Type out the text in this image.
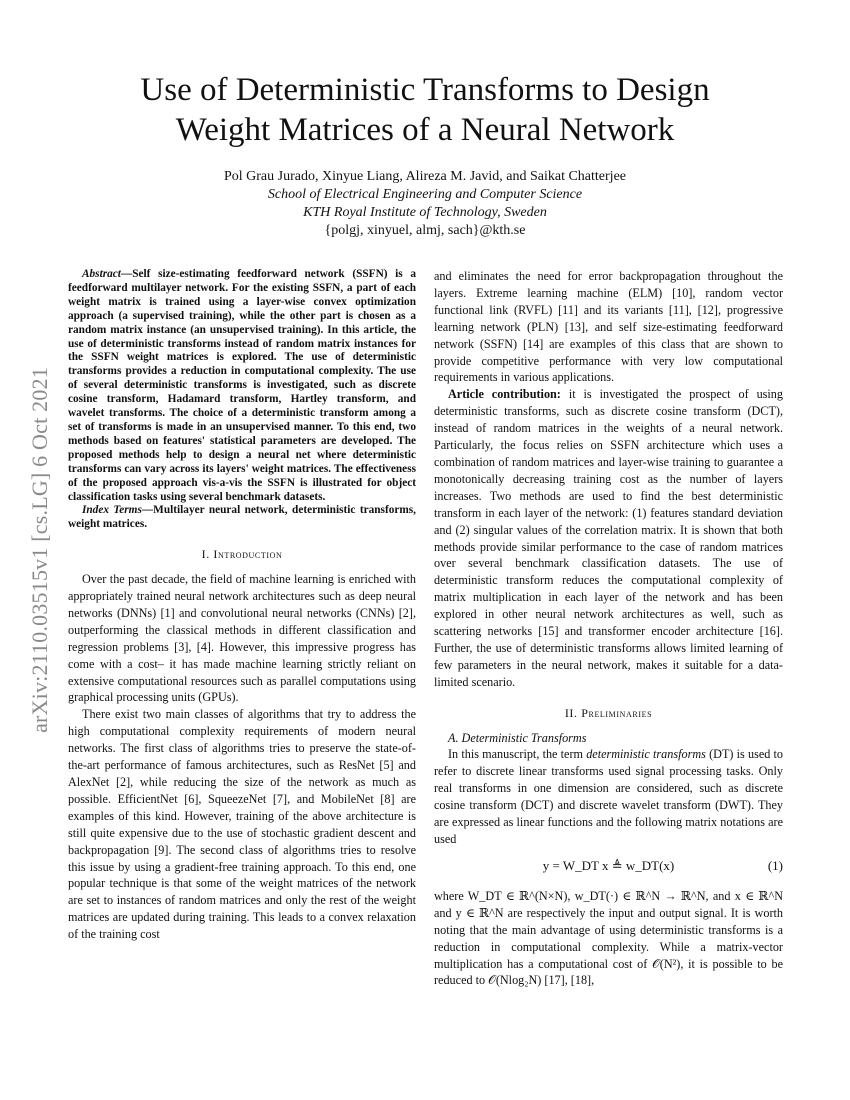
arXiv:2110.03515v1 [cs.LG] 6 Oct 2021
Use of Deterministic Transforms to Design
Weight Matrices of a Neural Network
Pol Grau Jurado, Xinyue Liang, Alireza M. Javid, and Saikat Chatterjee
School of Electrical Engineering and Computer Science
KTH Royal Institute of Technology, Sweden
{polgj, xinyuel, almj, sach}@kth.se

Abstract—Self size-estimating feedforward network (SSFN) is a feedforward multilayer network. For the existing SSFN, a part of each weight matrix is trained using a layer-wise convex optimization approach (a supervised training), while the other part is chosen as a random matrix instance (an unsupervised training). In this article, the use of deterministic transforms instead of random matrix instances for the SSFN weight matrices is explored. The use of deterministic transforms provides a reduction in computational complexity. The use of several deterministic transforms is investigated, such as discrete cosine transform, Hadamard transform, Hartley transform, and wavelet transforms. The choice of a deterministic transform among a set of transforms is made in an unsupervised manner. To this end, two methods based on features' statistical parameters are developed. The proposed methods help to design a neural net where deterministic transforms can vary across its layers' weight matrices. The effectiveness of the proposed approach vis-a-vis the SSFN is illustrated for object classification tasks using several benchmark datasets.

Index Terms—Multilayer neural network, deterministic transforms, weight matrices.

I. Introduction

Over the past decade, the field of machine learning is enriched with appropriately trained neural network architectures such as deep neural networks (DNNs) [1] and convolutional neural networks (CNNs) [2], outperforming the classical methods in different classification and regression problems [3], [4]. However, this impressive progress has come with a cost– it has made machine learning strictly reliant on extensive computational resources such as parallel computations using graphical processing units (GPUs).

There exist two main classes of algorithms that try to address the high computational complexity requirements of modern neural networks. The first class of algorithms tries to preserve the state-of-the-art performance of famous architectures, such as ResNet [5] and AlexNet [2], while reducing the size of the network as much as possible. EfficientNet [6], SqueezeNet [7], and MobileNet [8] are examples of this kind. However, training of the above architecture is still quite expensive due to the use of stochastic gradient descent and backpropagation [9]. The second class of algorithms tries to resolve this issue by using a gradient-free training approach. To this end, one popular technique is that some of the weight matrices of the network are set to instances of random matrices and only the rest of the weight matrices are updated during training. This leads to a convex relaxation of the training cost

and eliminates the need for error backpropagation throughout the layers. Extreme learning machine (ELM) [10], random vector functional link (RVFL) [11] and its variants [11], [12], progressive learning network (PLN) [13], and self size-estimating feedforward network (SSFN) [14] are examples of this class that are shown to provide competitive performance with very low computational requirements in various applications.

Article contribution: it is investigated the prospect of using deterministic transforms, such as discrete cosine transform (DCT), instead of random matrices in the weights of a neural network. Particularly, the focus relies on SSFN architecture which uses a combination of random matrices and layer-wise training to guarantee a monotonically decreasing training cost as the number of layers increases. Two methods are used to find the best deterministic transform in each layer of the network: (1) features standard deviation and (2) singular values of the correlation matrix. It is shown that both methods provide similar performance to the case of random matrices over several benchmark classification datasets. The use of deterministic transform reduces the computational complexity of matrix multiplication in each layer of the network and has been explored in other neural network architectures as well, such as scattering networks [15] and transformer encoder architecture [16]. Further, the use of deterministic transforms allows limited learning of few parameters in the neural network, makes it suitable for a data-limited scenario.

II. Preliminaries

A. Deterministic Transforms

In this manuscript, the term deterministic transforms (DT) is used to refer to discrete linear transforms used signal processing tasks. Only real transforms in one dimension are considered, such as discrete cosine transform (DCT) and discrete wavelet transform (DWT). They are expressed as linear functions and the following matrix notations are used

y = W_DT x ≜ w_DT(x)	(1)

where W_DT ∈ ℝ^(N×N), w_DT(·) ∈ ℝ^N → ℝ^N, and x ∈ ℝ^N and y ∈ ℝ^N are respectively the input and output signal. It is worth noting that the main advantage of using deterministic transforms is a reduction in computational complexity. While a matrix-vector multiplication has a computational cost of 𝒪(N²), it is possible to be reduced to 𝒪(Nlog₂N) [17], [18],
